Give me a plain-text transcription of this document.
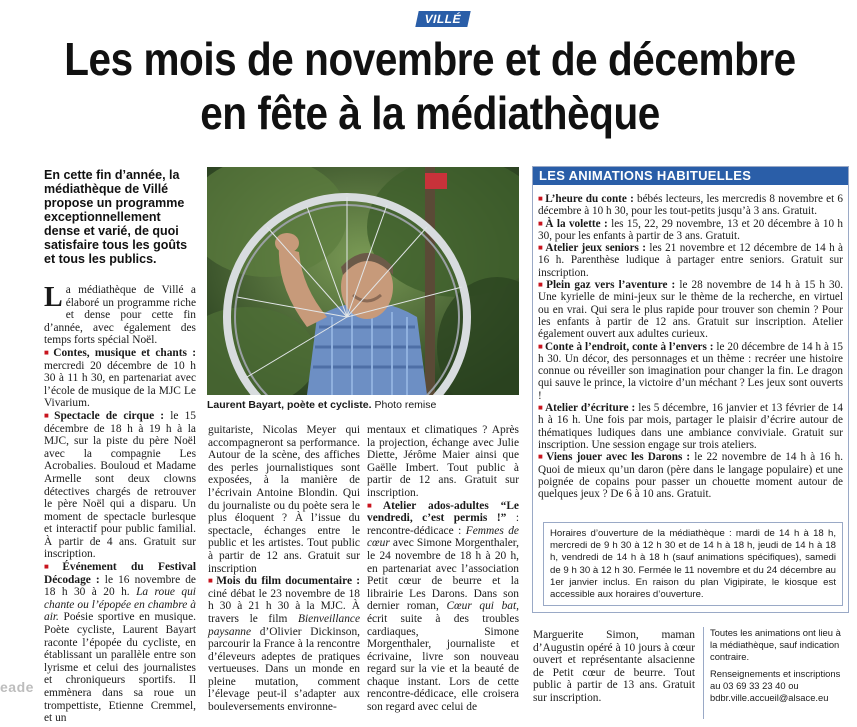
VILLÉ
Les mois de novembre et de décembre en fête à la médiathèque
En cette fin d’année, la médiathèque de Villé propose un programme exceptionnellement dense et varié, de quoi satisfaire tous les goûts et tous les publics.

La médiathèque de Villé a élaboré un programme riche et dense pour cette fin d’année, avec également des temps forts spécial Noël.

■ Contes, musique et chants : mercredi 20 décembre de 10 h 30 à 11 h 30, en partenariat avec l’école de musique de la MJC Le Vivarium.

■ Spectacle de cirque : le 15 décembre de 18 h à 19 h à la MJC, sur la piste du père Noël avec la compagnie Les Acrobalies. Bouloud et Madame Armelle sont deux clowns détectives chargés de retrouver le père Noël qui a disparu. Un moment de spectacle burlesque et interactif pour public familial. À partir de 4 ans. Gratuit sur inscription.

■ Événement du Festival Décodage : le 16 novembre de 18 h 30 à 20 h. La roue qui chante ou l’épopée en chambre à air. Poésie sportive en musique. Poète cycliste, Laurent Bayart raconte l’épopée du cycliste, en établissant un parallèle entre son lyrisme et celui des journalistes et chroniqueurs sportifs. Il emmènera dans sa roue un trompettiste, Etienne Cremmel, et un

Laurent Bayart, poète et cycliste. Photo remise

guitariste, Nicolas Meyer qui accompagneront sa performance. Autour de la scène, des affiches des perles journalistiques sont exposées, à la manière de l’écrivain Antoine Blondin. Qui du journaliste ou du poète sera le plus éloquent ? À l’issue du spectacle, échanges entre le public et les artistes. Tout public à partir de 12 ans. Gratuit sur inscription

■ Mois du film documentaire : ciné débat le 23 novembre de 18 h 30 à 21 h 30 à la MJC. À travers le film Bienveillance paysanne d’Olivier Dickinson, parcourir la France à la rencontre d’éleveurs adeptes de pratiques vertueuses. Dans un monde en pleine mutation, comment l’élevage peut-il s’adapter aux bouleversements environne-

mentaux et climatiques ? Après la projection, échange avec Julie Diette, Jérôme Maier ainsi que Gaëlle Imbert. Tout public à partir de 12 ans. Gratuit sur inscription.

■ Atelier ados-adultes “Le vendredi, c’est permis !” : rencontre-dédicace : Femmes de cœur avec Simone Morgenthaler, le 24 novembre de 18 h à 20 h, en partenariat avec l’association Petit cœur de beurre et la librairie Les Darons. Dans son dernier roman, Cœur qui bat, écrit suite à des troubles cardiaques, Simone Morgenthaler, journaliste et écrivaine, livre son nouveau regard sur la vie et la beauté de chaque instant. Lors de cette rencontre-dédicace, elle croisera son regard avec celui de

Marguerite Simon, maman d’Augustin opéré à 10 jours à cœur ouvert et représentante alsacienne de Petit cœur de beurre. Tout public à partir de 13 ans. Gratuit sur inscription.

LES ANIMATIONS HABITUELLES

■ L’heure du conte : bébés lecteurs, les mercredis 8 novembre et 6 décembre à 10 h 30, pour les tout-petits jusqu’à 3 ans. Gratuit.

■ À la volette : les 15, 22, 29 novembre, 13 et 20 décembre à 10 h 30, pour les enfants à partir de 3 ans. Gratuit.

■ Atelier jeux seniors : les 21 novembre et 12 décembre de 14 h à 16 h. Parenthèse ludique à partager entre seniors. Gratuit sur inscription.

■ Plein gaz vers l’aventure : le 28 novembre de 14 h à 15 h 30. Une kyrielle de mini-jeux sur le thème de la recherche, en virtuel ou en vrai. Qui sera le plus rapide pour trouver son chemin ? Pour les enfants à partir de 12 ans. Gratuit sur inscription. Atelier également ouvert aux adultes curieux.

■ Conte à l’endroit, conte à l’envers : le 20 décembre de 14 h à 15 h 30. Un décor, des personnages et un thème : recréer une histoire connue ou réveiller son imagination pour changer la fin. Le dragon qui sauve le prince, la victoire d’un méchant ? Les jeux sont ouverts !

■ Atelier d’écriture : les 5 décembre, 16 janvier et 13 février de 14 h à 16 h. Une fois par mois, partager le plaisir d’écrire autour de thématiques ludiques dans une ambiance conviviale. Gratuit sur inscription. Une session engage sur trois ateliers.

■ Viens jouer avec les Darons : le 22 novembre de 14 h à 16 h. Quoi de mieux qu’un daron (père dans le langage populaire) et une poignée de copains pour passer un chouette moment autour de quelques jeux ? De 6 à 10 ans. Gratuit.

Horaires d’ouverture de la médiathèque : mardi de 14 h à 18 h, mercredi de 9 h 30 à 12 h 30 et de 14 h à 18 h, jeudi de 14 h à 18 h, vendredi de 14 h à 18 h (sauf animations spécifiques), samedi de 9 h 30 à 12 h 30. Fermée le 11 novembre et du 24 décembre au 1er janvier inclus. En raison du plan Vigipirate, le kiosque est accessible aux horaires d’ouverture.

Toutes les animations ont lieu à la médiathèque, sauf indication contraire.

Renseignements et inscriptions au 03 69 33 23 40 ou bdbr.ville.accueil@alsace.eu

eade
